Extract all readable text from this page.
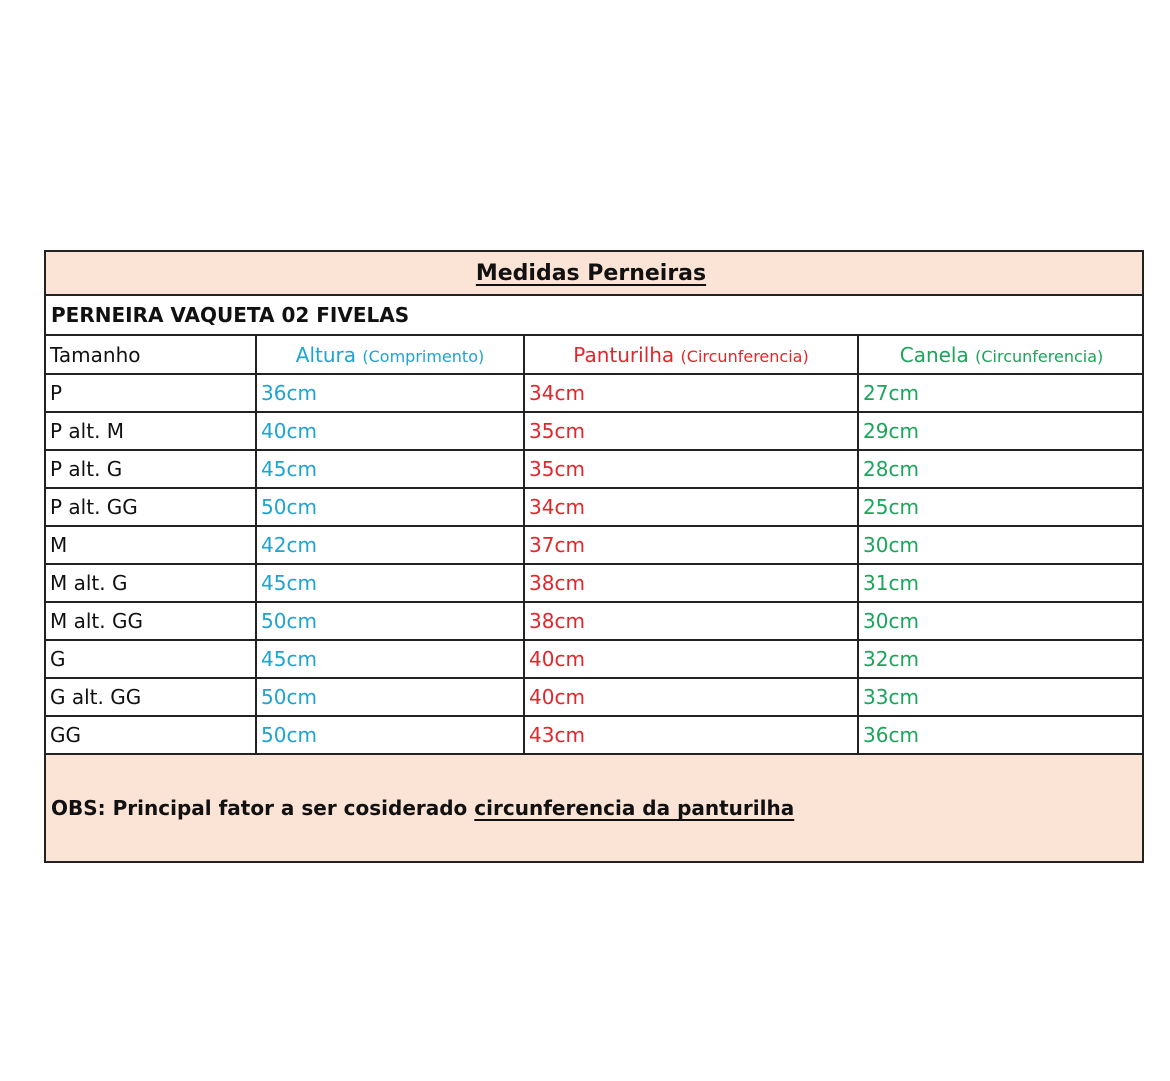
Medidas Perneiras
PERNEIRA VAQUETA 02 FIVELAS
Tamanho	Altura (Comprimento)	Panturilha (Circunferencia)	Canela (Circunferencia)
P	36cm	34cm	27cm
P alt. M	40cm	35cm	29cm
P alt. G	45cm	35cm	28cm
P alt. GG	50cm	34cm	25cm
M	42cm	37cm	30cm
M alt. G	45cm	38cm	31cm
M alt. GG	50cm	38cm	30cm
G	45cm	40cm	32cm
G alt. GG	50cm	40cm	33cm
GG	50cm	43cm	36cm
OBS: Principal fator a ser cosiderado circunferencia da panturilha
